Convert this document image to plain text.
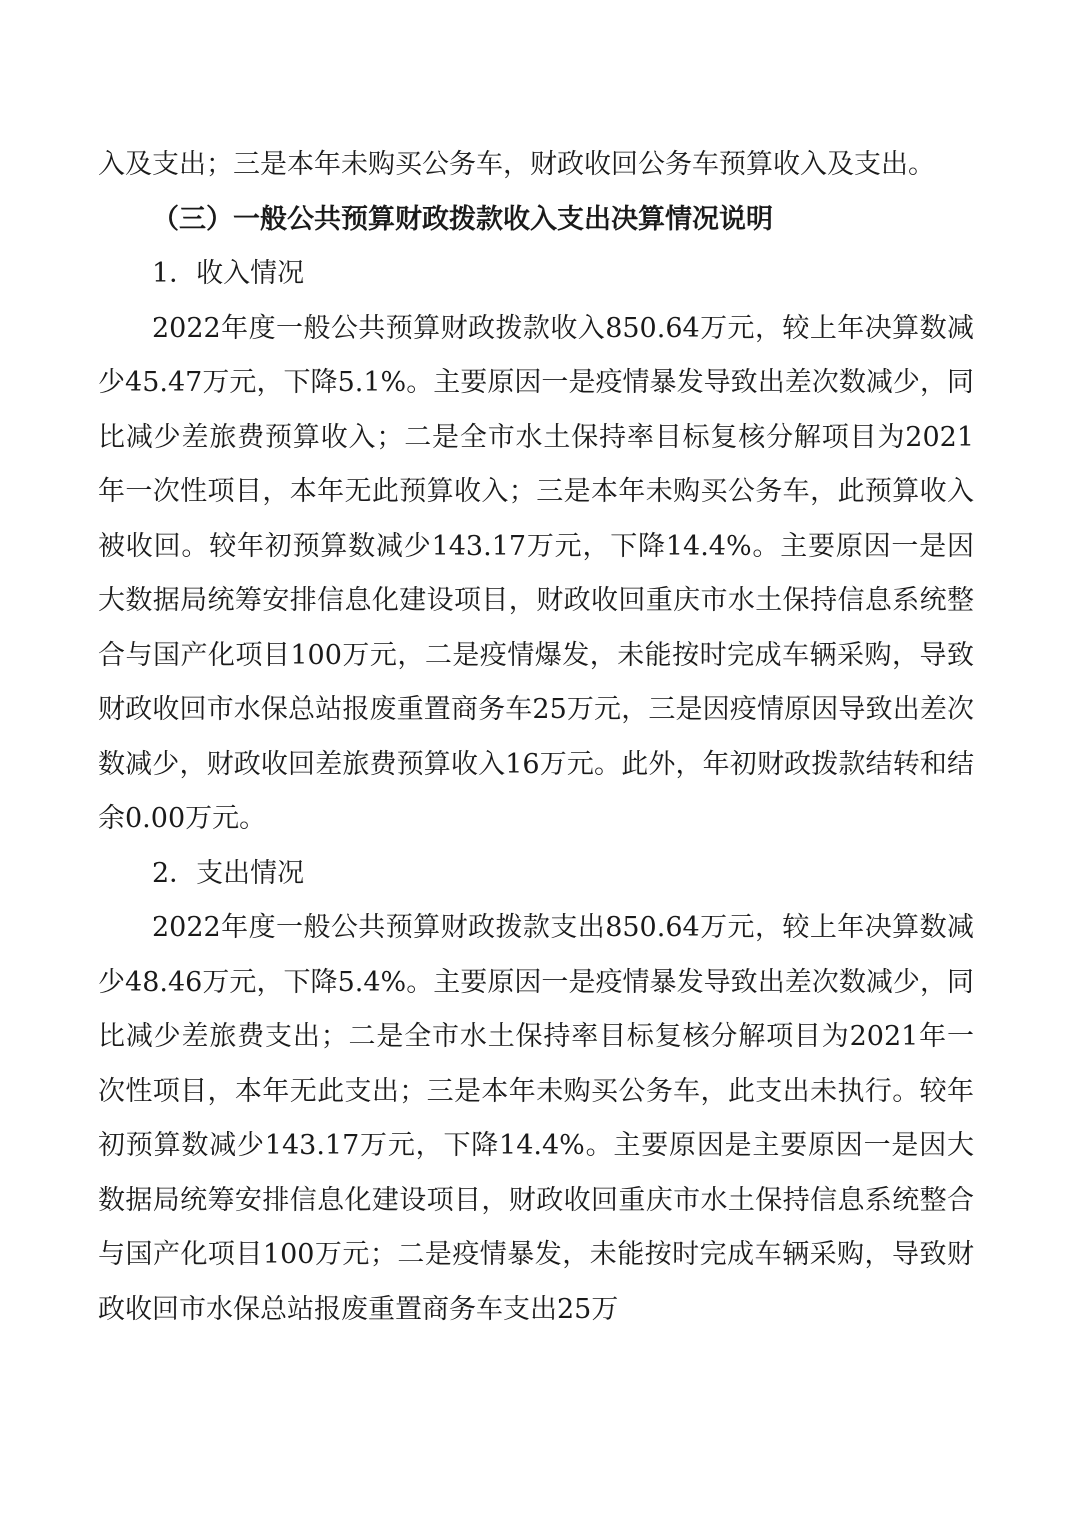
入及支出；三是本年未购买公务车，财政收回公务车预算收入及支出。

（三）一般公共预算财政拨款收入支出决算情况说明

1．收入情况

2022年度一般公共预算财政拨款收入850.64万元，较上年决算数减少45.47万元，下降5.1%。主要原因一是疫情暴发导致出差次数减少，同比减少差旅费预算收入；二是全市水土保持率目标复核分解项目为2021年一次性项目，本年无此预算收入；三是本年未购买公务车，此预算收入被收回。较年初预算数减少143.17万元，下降14.4%。主要原因一是因大数据局统筹安排信息化建设项目，财政收回重庆市水土保持信息系统整合与国产化项目100万元，二是疫情爆发，未能按时完成车辆采购，导致财政收回市水保总站报废重置商务车25万元，三是因疫情原因导致出差次数减少，财政收回差旅费预算收入16万元。此外，年初财政拨款结转和结余0.00万元。

2．支出情况

2022年度一般公共预算财政拨款支出850.64万元，较上年决算数减少48.46万元，下降5.4%。主要原因一是疫情暴发导致出差次数减少，同比减少差旅费支出；二是全市水土保持率目标复核分解项目为2021年一次性项目，本年无此支出；三是本年未购买公务车，此支出未执行。较年初预算数减少143.17万元，下降14.4%。主要原因是主要原因一是因大数据局统筹安排信息化建设项目，财政收回重庆市水土保持信息系统整合与国产化项目100万元；二是疫情暴发，未能按时完成车辆采购，导致财政收回市水保总站报废重置商务车支出25万
